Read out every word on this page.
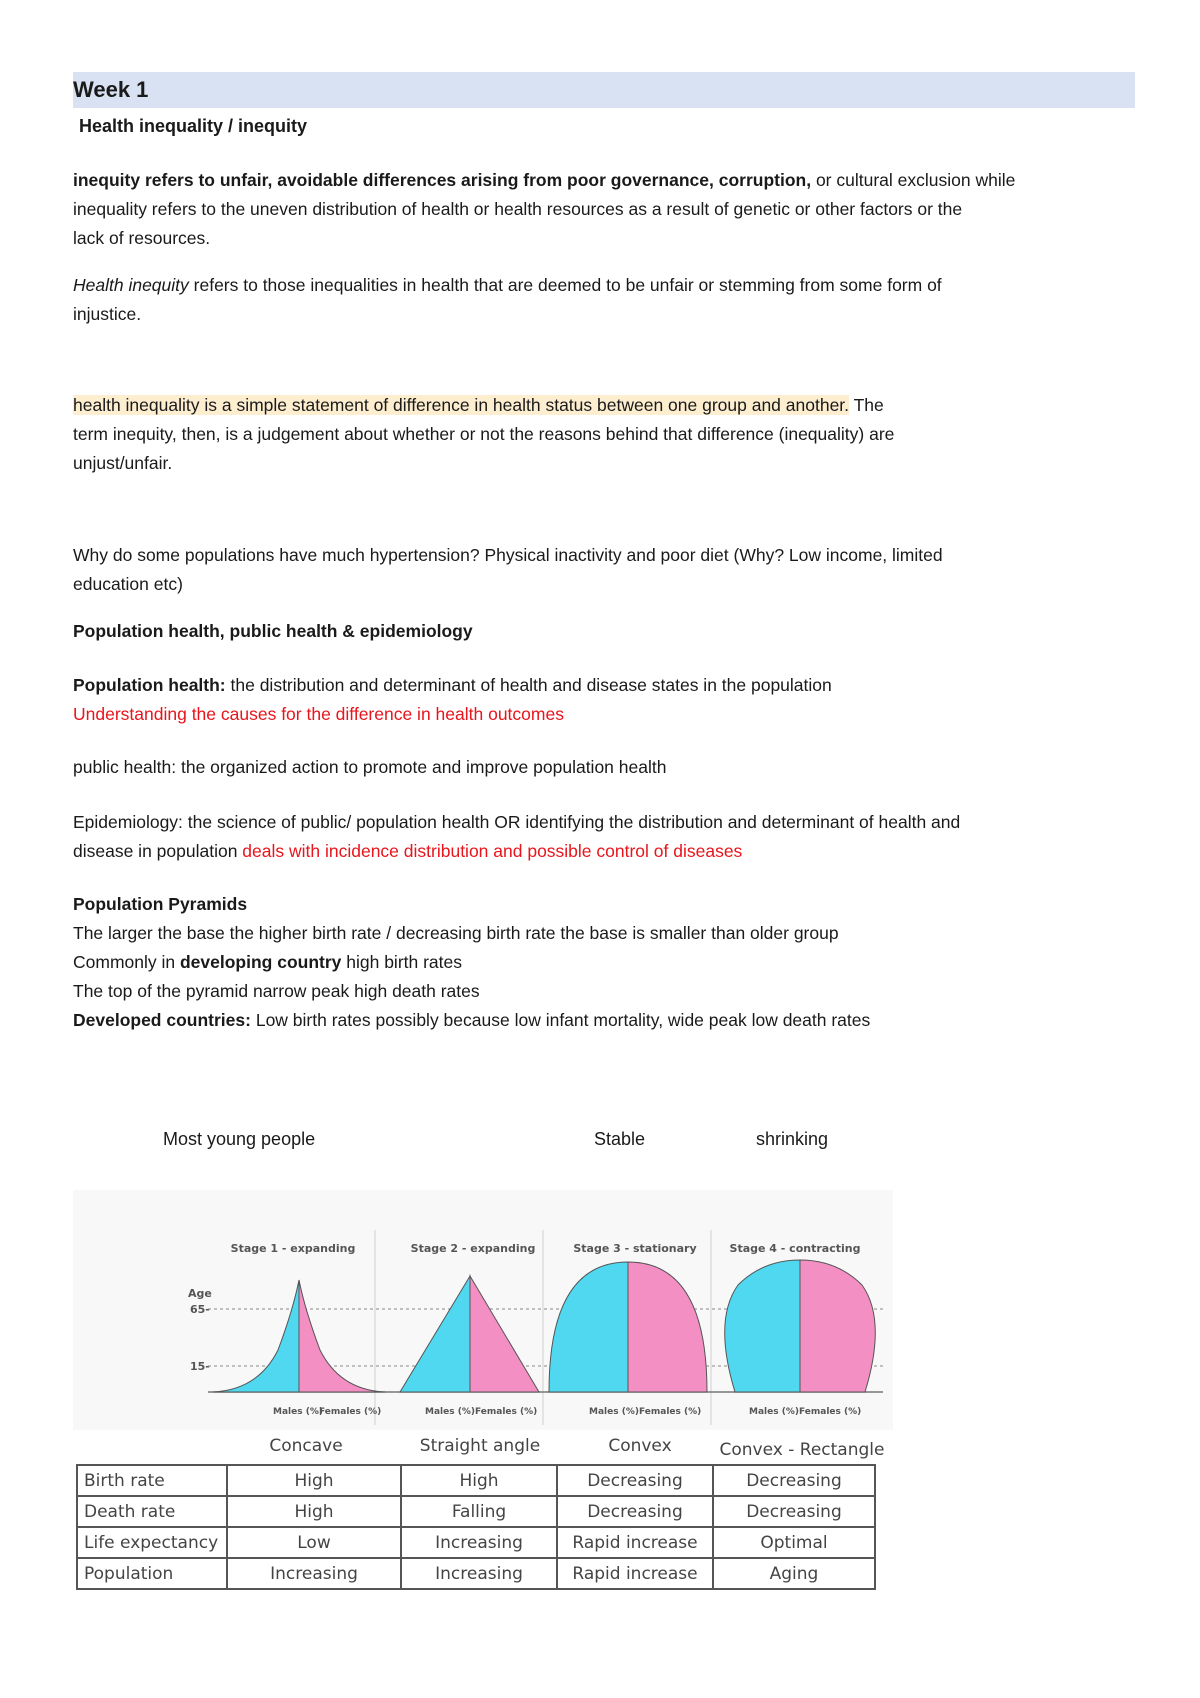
Week 1
Health inequality / inequity

inequity refers to unfair, avoidable differences arising from poor governance, corruption, or cultural exclusion while

inequality refers to the uneven distribution of health or health resources as a result of genetic or other factors or the

lack of resources.

Health inequity refers to those inequalities in health that are deemed to be unfair or stemming from some form of

injustice.

health inequality is a simple statement of difference in health status between one group and another. The

term inequity, then, is a judgement about whether or not the reasons behind that difference (inequality) are

unjust/unfair.

Why do some populations have much hypertension? Physical inactivity and poor diet (Why? Low income, limited

education etc)

Population health, public health & epidemiology

Population health: the distribution and determinant of health and disease states in the population

Understanding the causes for the difference in health outcomes

public health: the organized action to promote and improve population health

Epidemiology: the science of public/ population health OR identifying the distribution and determinant of health and

disease in population deals with incidence distribution and possible control of diseases

Population Pyramids

The larger the base the higher birth rate / decreasing birth rate the base is smaller than older group

Commonly in developing country high birth rates

The top of the pyramid narrow peak high death rates

Developed countries: Low birth rates possibly because low infant mortality, wide peak low death rates

Most young people	Stable	shrinking
Stage 1 - expanding	Stage 2 - expanding	Stage 3 - stationary	Stage 4 - contracting
Age
65-
15-
Males (%)
Females (%)	Males (%) Females (%)	Males (%) Females (%)	Males (%) Females (%)
Concave	Straight angle	Convex	Convex - Rectangle
Birth rate	High	High	Decreasing	Decreasing
Death rate	High	Falling	Decreasing	Decreasing
Life expectancy	Low	Increasing	Rapid increase	Optimal
Population	Increasing	Increasing	Rapid increase	Aging
